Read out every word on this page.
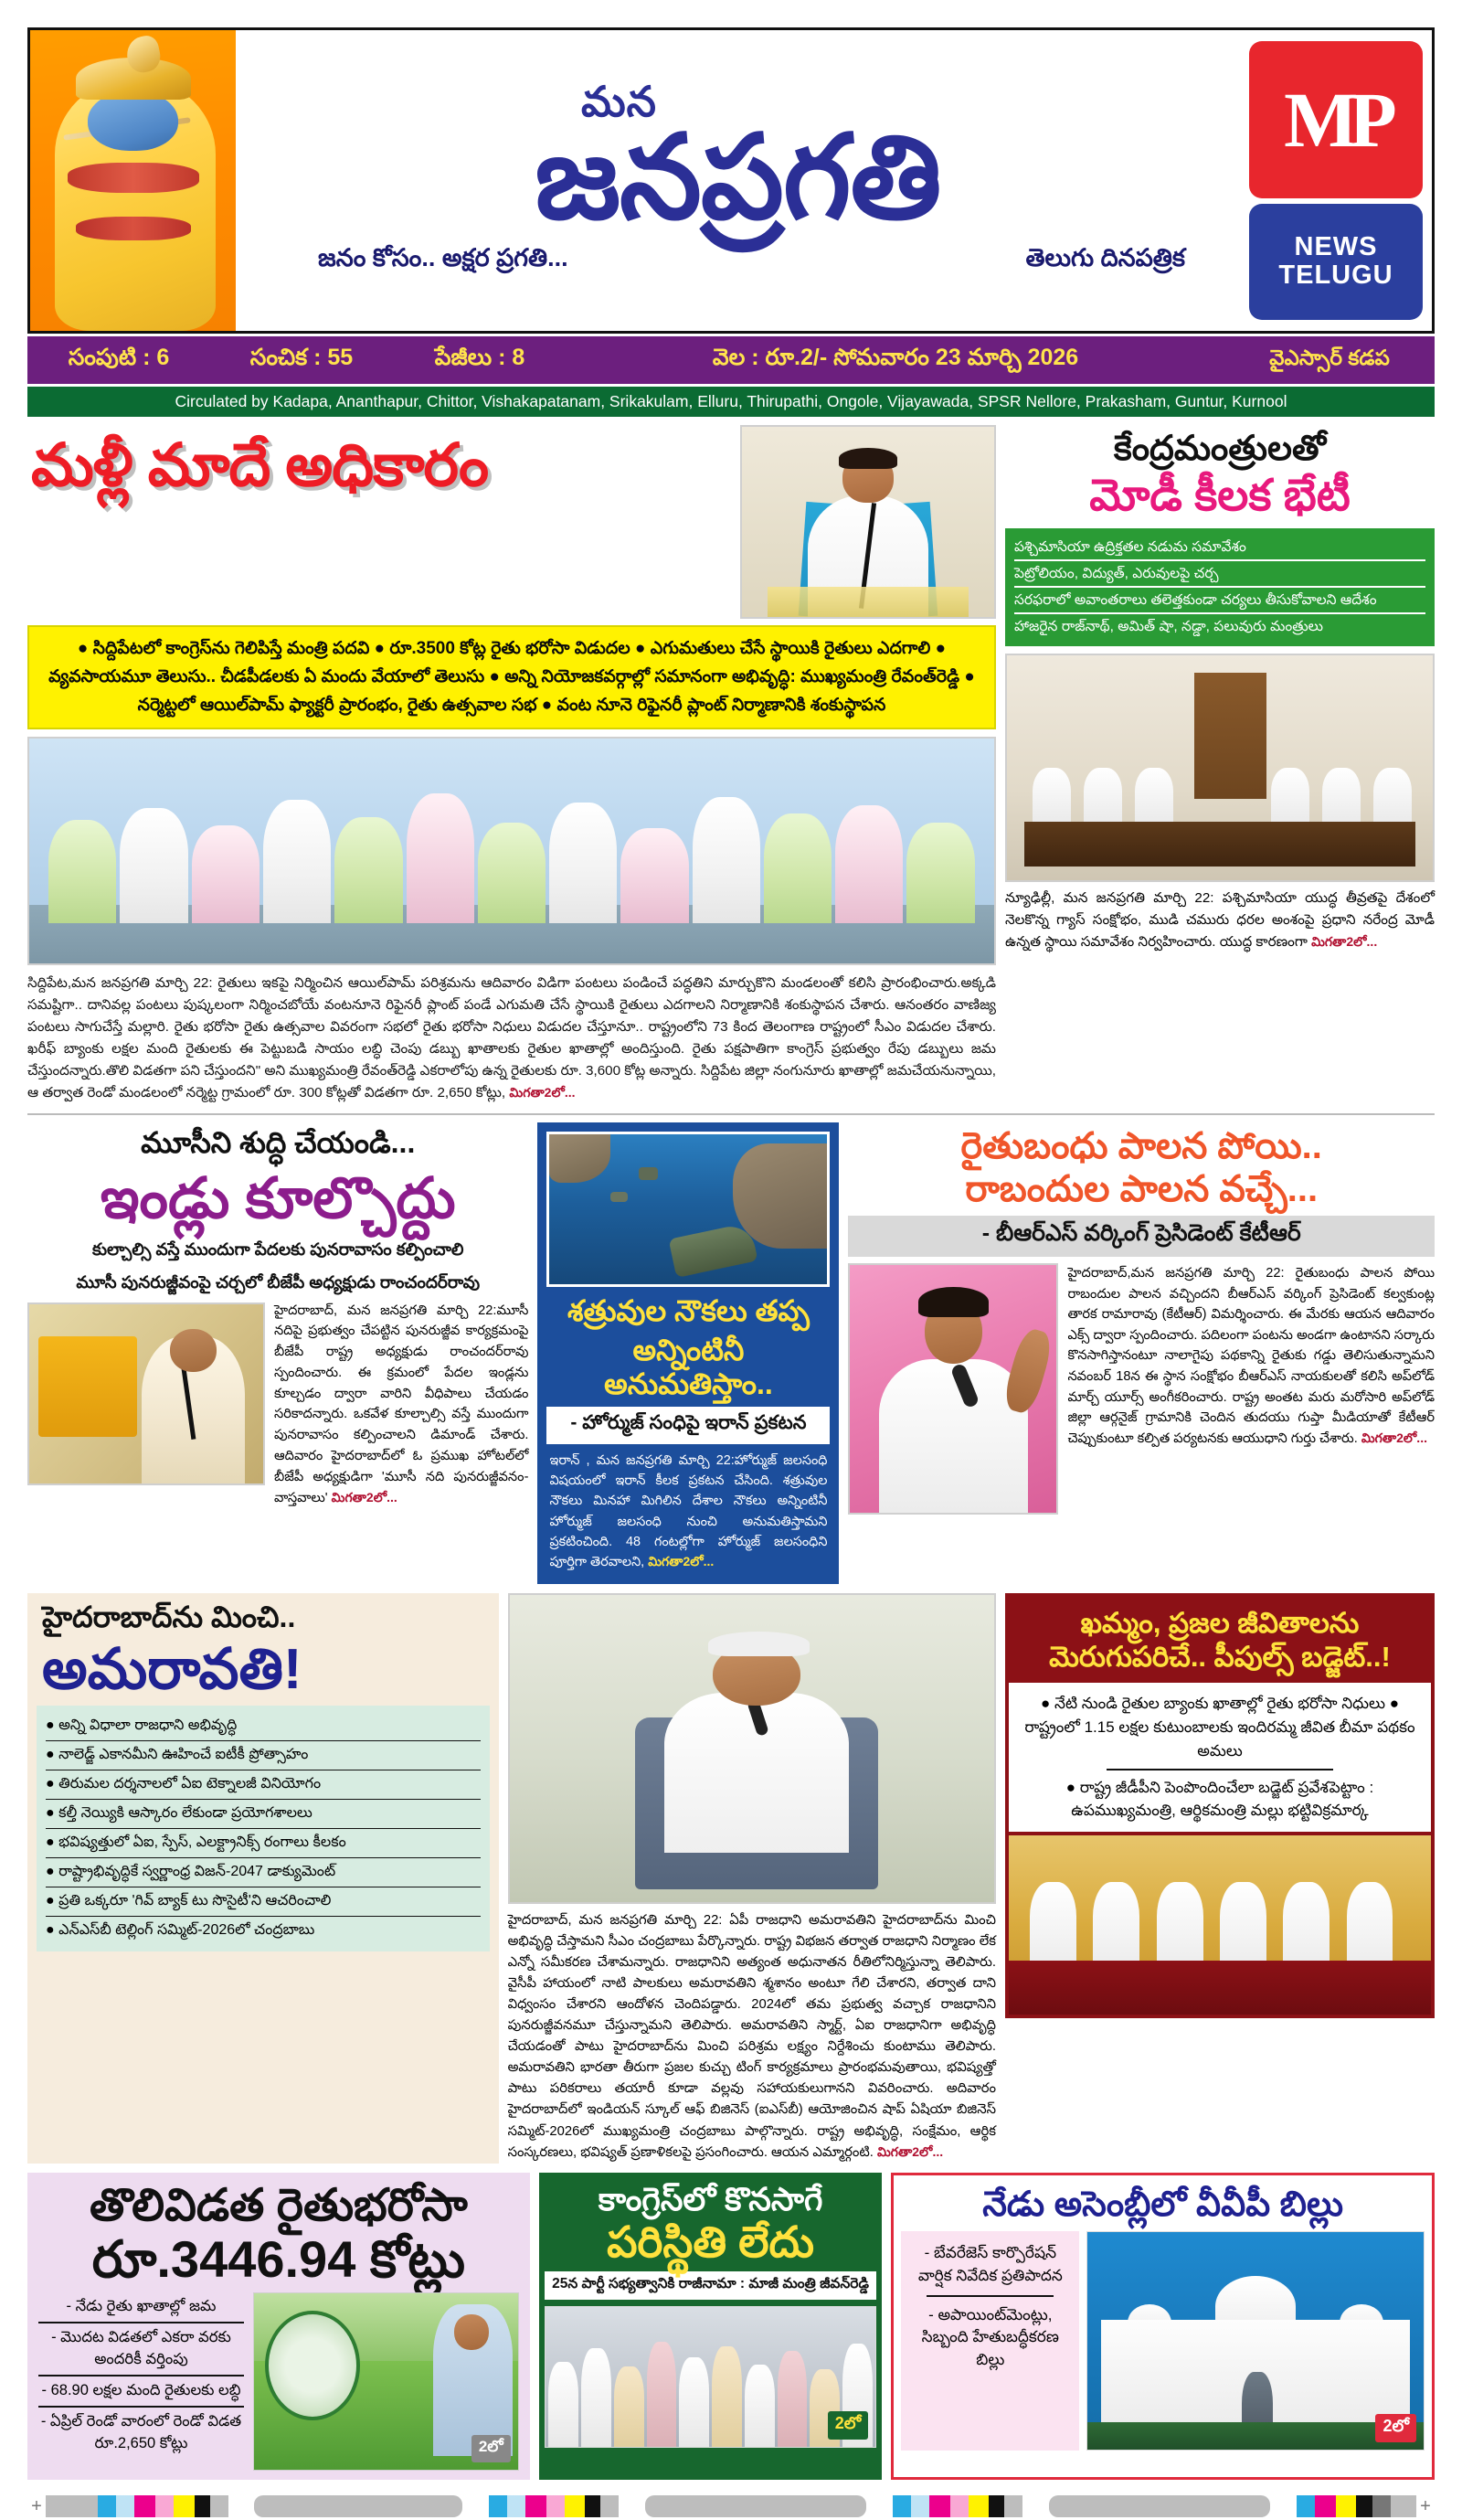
మన
జనప్రగతి
జనం కోసం.. అక్షర ప్రగతి...	తెలుగు దినపత్రిక
MP
NEWS
TELUGU
సంపుటి : 6	సంచిక : 55	పేజీలు : 8	వెల : రూ.2/- సోమవారం 23 మార్చి 2026	వైఎస్సార్ కడప
Circulated by Kadapa, Ananthapur, Chittor, Vishakapatanam, Srikakulam, Elluru, Thirupathi, Ongole, Vijayawada, SPSR Nellore, Prakasham, Guntur, Kurnool
మళ్లీ మాదే అధికారం
● సిద్దిపేటలో కాంగ్రెస్‌ను గెలిపిస్తే మంత్రి పదవి ● రూ.3500 కోట్ల రైతు భరోసా విడుదల ● ఎగుమతులు చేసే స్థాయికి రైతులు ఎదగాలి ● వ్యవసాయమూ తెలుసు.. చీడపీడలకు ఏ మందు వేయాలో తెలుసు ● అన్ని నియోజకవర్గాల్లో సమానంగా అభివృద్ధి: ముఖ్యమంత్రి రేవంత్‌రెడ్డి ● నర్మెట్టలో ఆయిల్‌పామ్ ఫ్యాక్టరీ ప్రారంభం, రైతు ఉత్సవాల సభ ● వంట నూనె రిఫైనరీ ప్లాంట్ నిర్మాణానికి శంకుస్థాపన
సిద్దిపేట,మన జనప్రగతి మార్చి 22: రైతులు ఇకపై నిర్మించిన ఆయిల్‌పామ్ పరిశ్రమను ఆదివారం విడిగా పంటలు పండించే పద్ధతిని మార్చుకొని మండలంతో కలిసి ప్రారంభించారు.అక్కడి సమష్టిగా.. దానివల్ల పంటలు పుష్కలంగా నిర్మించబోయే వంటనూనె రిఫైనరీ ప్లాంట్ పండే ఎగుమతి చేసే స్థాయికి రైతులు ఎదగాలని నిర్మాణానికి శంకుస్థాపన చేశారు. ఆనంతరం వాణిజ్య పంటలు సాగుచేస్తే మల్లారి. రైతు భరోసా రైతు ఉత్సవాల వివరంగా సభలో రైతు భరోసా నిధులు విడుదల చేస్తూనూ.. రాష్ట్రంలోని 73 కింద తెలంగాణ రాష్ట్రంలో సీఎం విడుదల చేశారు. ఖరీఫ్ బ్యాంకు లక్షల మంది రైతులకు ఈ పెట్టుబడి సాయం లబ్ధి చెంపు డబ్బు ఖాతాలకు రైతుల ఖాతాల్లో అందిస్తుంది. రైతు పక్షపాతిగా కాంగ్రెస్ ప్రభుత్వం రేపు డబ్బులు జమ చేస్తుందన్నారు.తొలి విడతగా పని చేస్తుందని" అని ముఖ్యమంత్రి రేవంత్‌రెడ్డి ఎకరాలోపు ఉన్న రైతులకు రూ. 3,600 కోట్ల అన్నారు. సిద్దిపేట జిల్లా నంగునూరు ఖాతాల్లో జమచేయనున్నాయి, ఆ తర్వాత రెండో మండలంలో నర్మెట్ట గ్రామంలో రూ. 300 కోట్లతో విడతగా రూ. 2,650 కోట్లు, మిగతా2లో...
కేంద్రమంత్రులతో
మోడీ కీలక భేటీ
పశ్చిమాసియా ఉద్రిక్తతల నడుమ సమావేశం
పెట్రోలియం, విద్యుత్, ఎరువులపై చర్చ
సరఫరాలో అవాంతరాలు తలెత్తకుండా చర్యలు తీసుకోవాలని ఆదేశం
హాజరైన రాజ్‌నాథ్, అమిత్ షా, నడ్డా, పలువురు మంత్రులు
న్యూఢిల్లీ, మన జనప్రగతి మార్చి 22: పశ్చిమాసియా యుద్ధ తీవ్రతపై దేశంలో నెలకొన్న గ్యాస్ సంక్షోభం, ముడి చమురు ధరల అంశంపై ప్రధాని నరేంద్ర మోడీ ఉన్నత స్థాయి సమావేశం నిర్వహించారు. యుద్ధ కారణంగా మిగతా2లో...
మూసీని శుద్ధి చేయండి...
ఇండ్లు కూల్చొద్దు
కుల్చాల్సి వస్తే ముందుగా పేదలకు పునరావాసం కల్పించాలి
మూసీ పునరుజ్జీవంపై చర్చలో బీజేపీ అధ్యక్షుడు రాంచందర్‌రావు
హైదరాబాద్, మన జనప్రగతి మార్చి 22:మూసీ నదిపై ప్రభుత్వం చేపట్టిన పునరుజ్జీవ కార్యక్రమంపై బీజేపీ రాష్ట్ర అధ్యక్షుడు రాంచందర్‌రావు స్పందించారు. ఈ క్రమంలో పేదల ఇండ్లను కూల్చడం ద్వారా వారిని వీధిపాలు చేయడం సరికాదన్నారు. ఒకవేళ కూల్చాల్సి వస్తే ముందుగా పునరావాసం కల్పించాలని డిమాండ్ చేశారు. ఆదివారం హైదరాబాద్‌లో ఓ ప్రముఖ హోటల్‌లో బీజేపీ అధ్యక్షుడిగా 'మూసీ నది పునరుజ్జీవనం-వాస్తవాలు' మిగతా2లో...
శత్రువుల నౌకలు తప్ప
అన్నింటినీ అనుమతిస్తాం..
- హోర్ముజ్ సంధిపై ఇరాన్ ప్రకటన
ఇరాన్ , మన జనప్రగతి మార్చి 22:హోర్ముజ్ జలసంధి విషయంలో ఇరాన్ కీలక ప్రకటన చేసింది. శత్రువుల నౌకలు మినహా మిగిలిన దేశాల నౌకలు అన్నింటినీ హోర్ముజ్ జలసంధి నుంచి అనుమతిస్తామని ప్రకటించింది. 48 గంటల్లోగా హోర్ముజ్ జలసంధిని పూర్తిగా తెరవాలని, మిగతా2లో...
రైతుబంధు పాలన పోయి..
రాబందుల పాలన వచ్చే...
- బీఆర్ఎస్ వర్కింగ్ ప్రెసిడెంట్ కేటీఆర్
హైదరాబాద్,మన జనప్రగతి మార్చి 22: రైతుబంధు పాలన పోయి రాబందుల పాలన వచ్చిందని బీఆర్ఎస్ వర్కింగ్ ప్రెసిడెంట్ కల్వకుంట్ల తారక రామారావు (కేటీఆర్) విమర్శించారు. ఈ మేరకు ఆయన ఆదివారం ఎక్స్ ద్వారా స్పందించారు. పదిలంగా పంటను అండగా ఉంటానని సర్కారు కొనసాగిస్తానంటూ నాలాగైపు పథకాన్ని రైతుకు గడ్డు తెలిసుతున్నామని నవంబర్ 18న ఈ స్థాన సంక్షోభం బీఆర్ఎస్ నాయకులతో కలిసి అప్‌లోడ్ మార్చ్ యూర్స్ అంగీకరించారు. రాష్ట్ర అంతట మరు మరోసారి అప్‌లోడ్ జిల్లా ఆర్గనైజ్ గ్రామానికి చెందిన తుదయు గుప్తా మీడియాతో కేటీఆర్ చెప్పుకుంటూ కల్పిత పర్యటనకు ఆయుధాని గుర్తు చేశారు. మిగతా2లో...
హైదరాబాద్‌ను మించి..
అమరావతి!
● అన్ని విధాలా రాజధాని అభివృద్ధి
● నాలెడ్జ్ ఎకానమీని ఊహించే ఐటీకీ ప్రోత్సాహం
● తిరుమల దర్శనాలలో ఏఐ టెక్నాలజీ వినియోగం
● కల్తీ నెయ్యికి ఆస్కారం లేకుండా ప్రయోగశాలలు
● భవిష్యత్తులో ఏఐ, స్పేస్, ఎలక్ట్రానిక్స్ రంగాలు కీలకం
● రాష్ట్రాభివృద్ధికే స్వర్ణాంధ్ర విజన్-2047 డాక్యుమెంట్
● ప్రతి ఒక్కరూ 'గివ్ బ్యాక్ టు సొసైటీ'ని ఆచరించాలి
● ఎన్‌ఎస్‌బీ టెల్లింగ్ సమ్మిట్-2026లో చంద్రబాబు
హైదరాబాద్, మన జనప్రగతి మార్చి 22: ఏపీ రాజధాని అమరావతిని హైదరాబాద్‌ను మించి అభివృద్ధి చేస్తామని సీఎం చంద్రబాబు పేర్కొన్నారు. రాష్ట్ర విభజన తర్వాత రాజధాని నిర్మాణం లేక ఎన్నో సమీకరణ చేశామన్నారు. రాజధానిని అత్యంత అధునాతన రీతిలోనిర్మిస్తున్నా తెలిపారు. వైసీపీ హాయంలో నాటి పాలకులు అమరావతిని శ్మశానం అంటూ గేలి చేశారని, తర్వాత దాని విధ్వంసం చేశారని ఆందోళన చెందిపడ్డారు. 2024లో తమ ప్రభుత్వ వచ్చాక రాజధానిని పునరుజ్జీవనమూ చేస్తున్నామని తెలిపారు. అమరావతిని స్మార్ట్, ఏఐ రాజధానిగా అభివృద్ధి చేయడంతో పాటు హైదరాబాద్‌ను మించి పరిశ్రమ లక్ష్యం నిర్దేశించు కుంటాము తెలిపారు. అమరావతిని భారతా తీరుగా ప్రజల కుచ్చు టింగ్ కార్యక్రమాలు ప్రారంభమవుతాయి, భవిష్యత్తో పాటు పరికరాలు తయారీ కూడా వల్లవు సహాయకులుగానని వివరించారు. అదివారం హైదరాబాద్‌లో ఇండియన్ స్కూల్ ఆఫ్ బిజినెస్ (ఐఎస్‌బీ) ఆయోజించిన షాప్ ఏషియా బిజినెస్ సమ్మిట్-2026లో ముఖ్యమంత్రి చంద్రబాబు పాల్గొన్నారు. రాష్ట్ర అభివృద్ధి, సంక్షేమం, ఆర్థిక సంస్కరణలు, భవిష్యత్ ప్రణాళికలపై ప్రసంగించారు. ఆయన ఎమ్మార్గంటి. మిగతా2లో...
ఖమ్మం, ప్రజల జీవితాలను మెరుగుపరిచే.. పీపుల్స్ బడ్జెట్..!
● నేటి నుండి రైతుల బ్యాంకు ఖాతాల్లో రైతు భరోసా నిధులు ● రాష్ట్రంలో 1.15 లక్షల కుటుంబాలకు ఇందిరమ్మ జీవిత బీమా పథకం అమలు
● రాష్ట్ర జీడీపీని పెంపొందించేలా బడ్జెట్ ప్రవేశపెట్టాం : ఉపముఖ్యమంత్రి, ఆర్థికమంత్రి మల్లు భట్టివిక్రమార్క
తొలివిడత రైతుభరోసా
రూ.3446.94 కోట్లు
- నేడు రైతు ఖాతాల్లో జమ
- మొదట విడతలో ఎకరా వరకు అందరికీ వర్తింపు
- 68.90 లక్షల మంది రైతులకు లబ్ధి
- ఏప్రిల్ రెండో వారంలో రెండో విడత రూ.2,650 కోట్లు	2లో
కాంగ్రెస్‌లో కొనసాగే
పరిస్థితి లేదు
25న పార్టీ సభ్యత్వానికి రాజీనామా : మాజీ మంత్రి జీవన్‌రెడ్డి
2లో
నేడు అసెంబ్లీలో వీవీపీ బిల్లు
- బేవరేజెస్ కార్పొరేషన్ వార్షిక నివేదిక ప్రతిపాదన
- అపాయింట్‌మెంట్లు, సిబ్బంది హేతుబద్ధీకరణ బిల్లు
2లో
+	+
